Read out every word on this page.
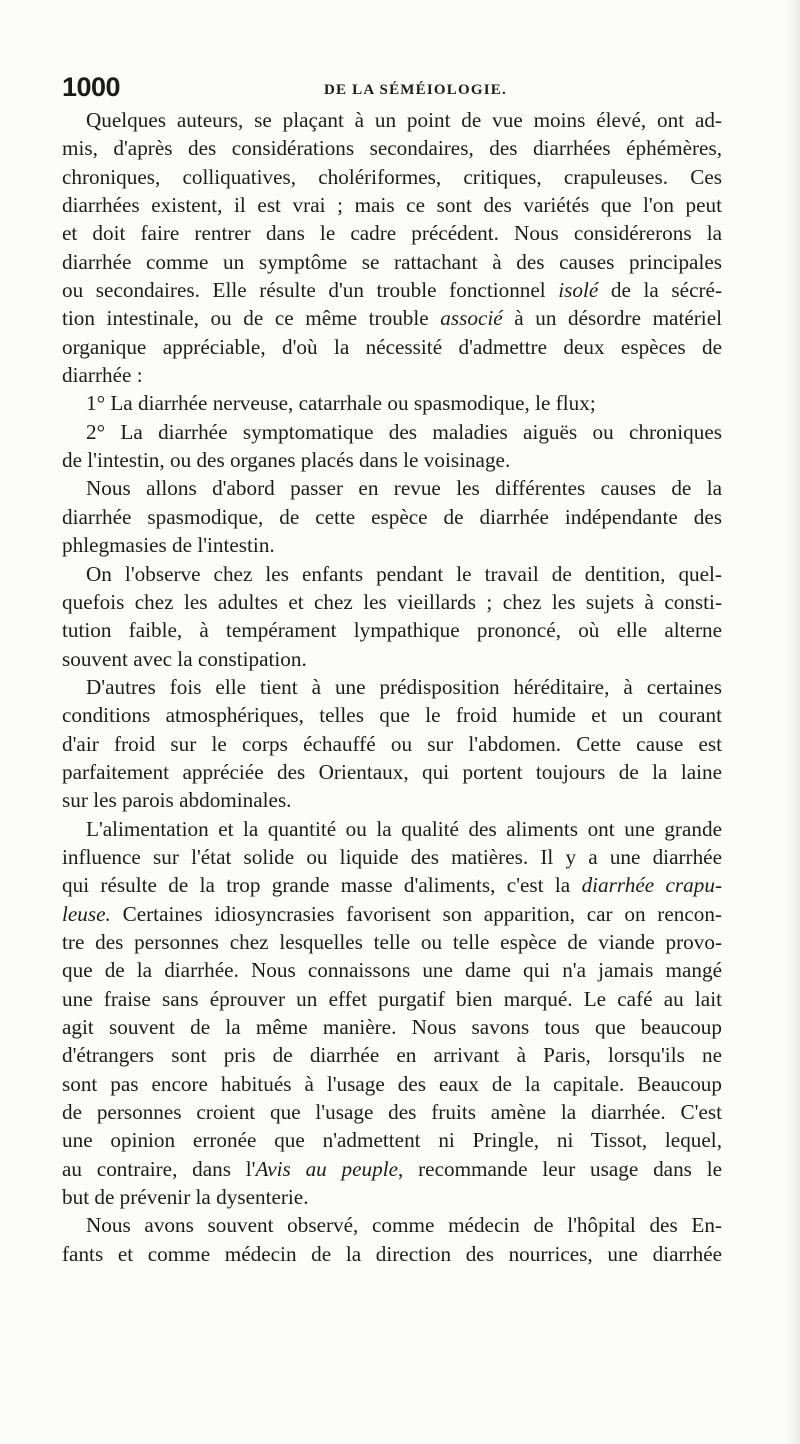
1000	DE LA SÉMÉIOLOGIE.
Quelques auteurs, se plaçant à un point de vue moins élevé, ont ad-
mis, d'après des considérations secondaires, des diarrhées éphémères,
chroniques, colliquatives, cholériformes, critiques, crapuleuses. Ces
diarrhées existent, il est vrai ; mais ce sont des variétés que l'on peut
et doit faire rentrer dans le cadre précédent. Nous considérerons la
diarrhée comme un symptôme se rattachant à des causes principales
ou secondaires. Elle résulte d'un trouble fonctionnel isolé de la sécré-
tion intestinale, ou de ce même trouble associé à un désordre matériel
organique appréciable, d'où la nécessité d'admettre deux espèces de
diarrhée :
1° La diarrhée nerveuse, catarrhale ou spasmodique, le flux;
2° La diarrhée symptomatique des maladies aiguës ou chroniques
de l'intestin, ou des organes placés dans le voisinage.
Nous allons d'abord passer en revue les différentes causes de la
diarrhée spasmodique, de cette espèce de diarrhée indépendante des
phlegmasies de l'intestin.
On l'observe chez les enfants pendant le travail de dentition, quel-
quefois chez les adultes et chez les vieillards ; chez les sujets à consti-
tution faible, à tempérament lympathique prononcé, où elle alterne
souvent avec la constipation.
D'autres fois elle tient à une prédisposition héréditaire, à certaines
conditions atmosphériques, telles que le froid humide et un courant
d'air froid sur le corps échauffé ou sur l'abdomen. Cette cause est
parfaitement appréciée des Orientaux, qui portent toujours de la laine
sur les parois abdominales.
L'alimentation et la quantité ou la qualité des aliments ont une grande
influence sur l'état solide ou liquide des matières. Il y a une diarrhée
qui résulte de la trop grande masse d'aliments, c'est la diarrhée crapu-
leuse. Certaines idiosyncrasies favorisent son apparition, car on rencon-
tre des personnes chez lesquelles telle ou telle espèce de viande provo-
que de la diarrhée. Nous connaissons une dame qui n'a jamais mangé
une fraise sans éprouver un effet purgatif bien marqué. Le café au lait
agit souvent de la même manière. Nous savons tous que beaucoup
d'étrangers sont pris de diarrhée en arrivant à Paris, lorsqu'ils ne
sont pas encore habitués à l'usage des eaux de la capitale. Beaucoup
de personnes croient que l'usage des fruits amène la diarrhée. C'est
une opinion erronée que n'admettent ni Pringle, ni Tissot, lequel,
au contraire, dans l'Avis au peuple, recommande leur usage dans le
but de prévenir la dysenterie.
Nous avons souvent observé, comme médecin de l'hôpital des En-
fants et comme médecin de la direction des nourrices, une diarrhée
